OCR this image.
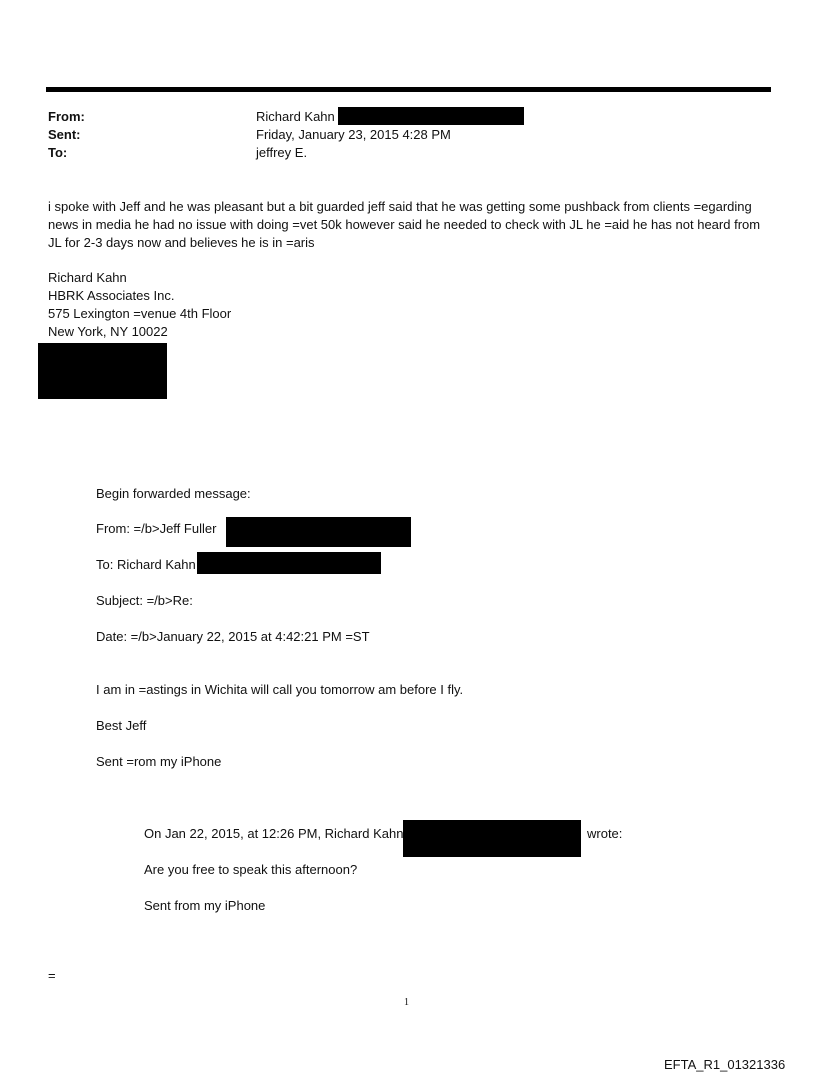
From:	Richard Kahn
Sent:	Friday, January 23, 2015 4:28 PM
To:	jeffrey E.
i spoke with Jeff and he was pleasant but a bit guarded jeff said that he was getting some pushback from clients =egarding news in media he had no issue with doing =vet 50k however said he needed to check with JL he =aid he has not heard from JL for 2-3 days now and believes he is in =aris
Richard Kahn
HBRK Associates Inc.
575 Lexington =venue 4th Floor
New York, NY 10022
Begin forwarded message:
From: =/b>Jeff Fuller
To: Richard Kahn
Subject: =/b>Re:
Date: =/b>January 22, 2015 at 4:42:21 PM =ST
I am in =astings in Wichita will call you tomorrow am before I fly.
Best Jeff
Sent =rom my iPhone
On Jan 22, 2015, at 12:26 PM, Richard Kahn	wrote:
Are you free to speak this afternoon?
Sent from my iPhone
=
1
EFTA_R1_01321336
